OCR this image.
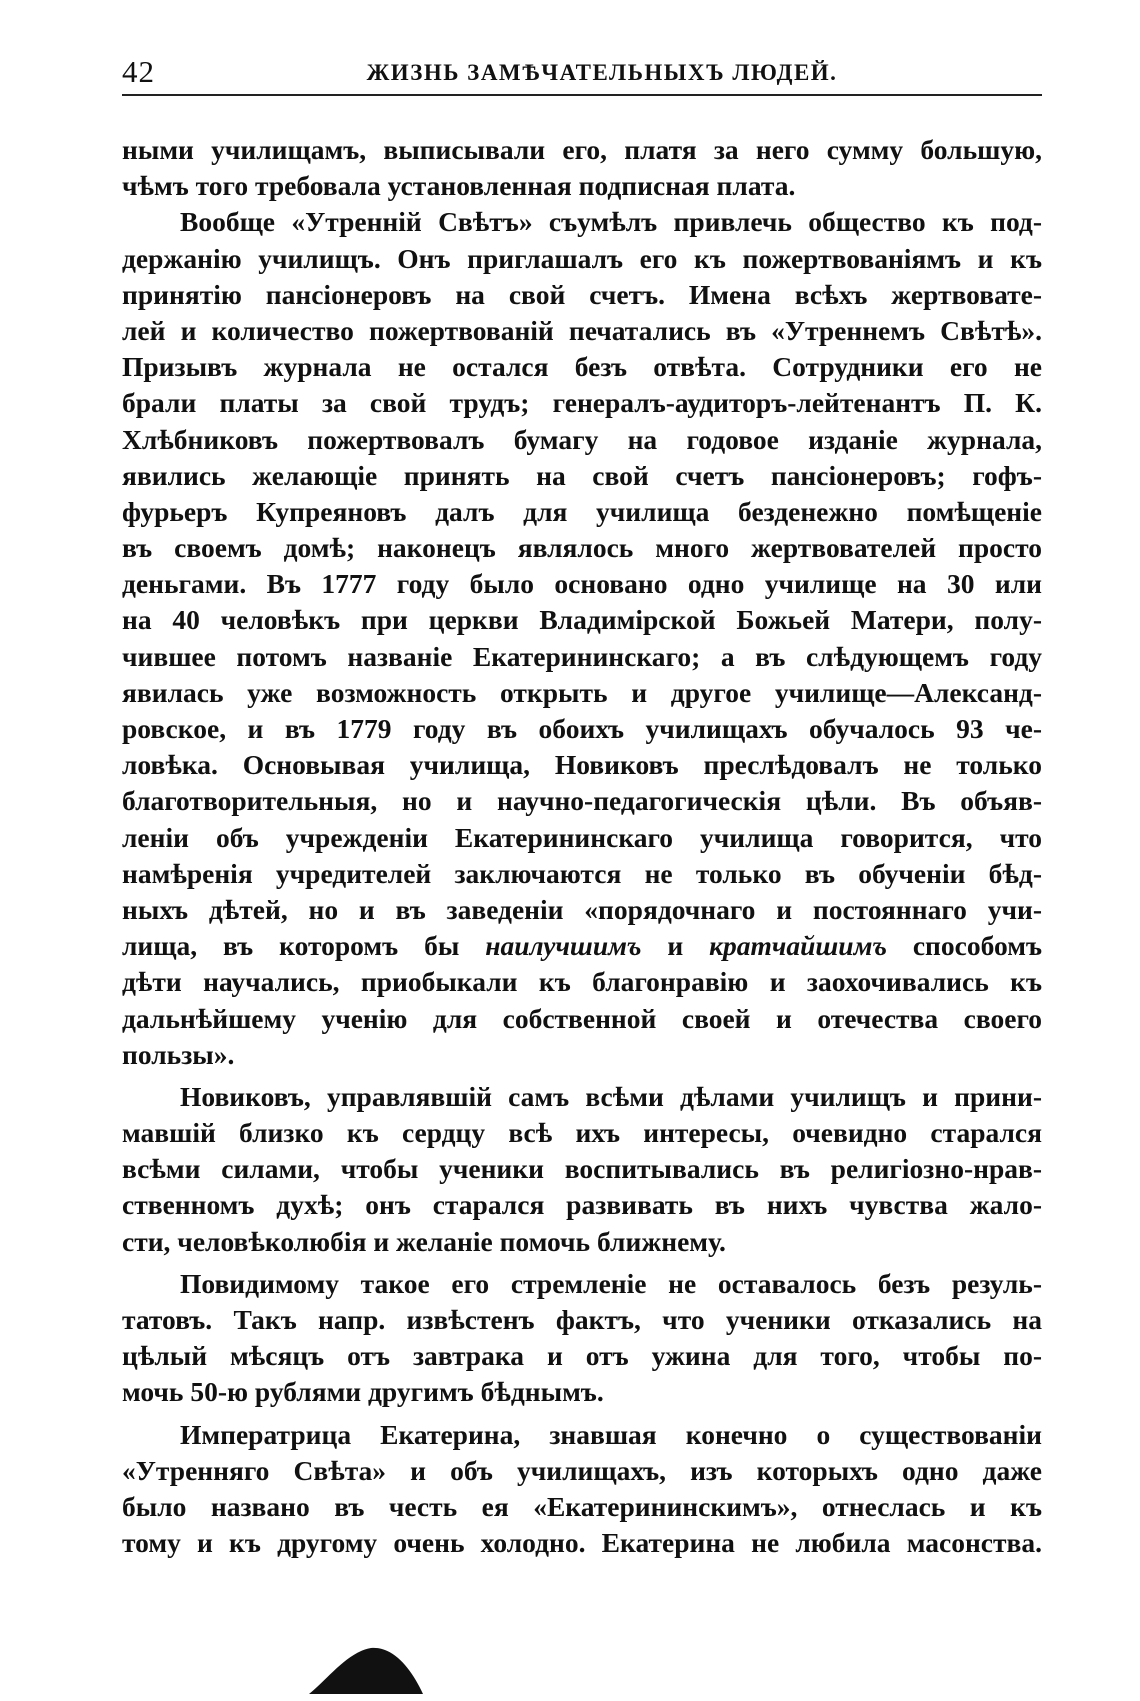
42	ЖИЗНЬ ЗАМѢЧАТЕЛЬНЫХЪ ЛЮДЕЙ.
ными училищамъ, выписывали его, платя за него сумму большую,
чѣмъ того требовала установленная подписная плата.
Вообще «Утренній Свѣтъ» съумѣлъ привлечь общество къ под-
держанію училищъ. Онъ приглашалъ его къ пожертвованіямъ и къ
принятію пансіонеровъ на свой счетъ. Имена всѣхъ жертвовате-
лей и количество пожертвованій печатались въ «Утреннемъ Свѣтѣ».
Призывъ журнала не остался безъ отвѣта. Сотрудники его не
брали платы за свой трудъ; генералъ-аудиторъ-лейтенантъ П. К.
Хлѣбниковъ пожертвовалъ бумагу на годовое изданіе журнала,
явились желающіе принять на свой счетъ пансіонеровъ; гофъ-
фурьеръ Купреяновъ далъ для училища безденежно помѣщеніе
въ своемъ домѣ; наконецъ являлось много жертвователей просто
деньгами. Въ 1777 году было основано одно училище на 30 или
на 40 человѣкъ при церкви Владимірской Божьей Матери, полу-
чившее потомъ названіе Екатерининскаго; а въ слѣдующемъ году
явилась уже возможность открыть и другое училище—Александ-
ровское, и въ 1779 году въ обоихъ училищахъ обучалось 93 че-
ловѣка. Основывая училища, Новиковъ преслѣдовалъ не только
благотворительныя, но и научно-педагогическія цѣли. Въ объяв-
леніи объ учрежденіи Екатерининскаго училища говорится, что
намѣренія учредителей заключаются не только въ обученіи бѣд-
ныхъ дѣтей, но и въ заведеніи «порядочнаго и постояннаго учи-
лища, въ которомъ бы наилучшимъ и кратчайшимъ способомъ
дѣти научались, приобыкали къ благонравію и заохочивались къ
дальнѣйшему ученію для собственной своей и отечества своего
пользы».
Новиковъ, управлявшій самъ всѣми дѣлами училищъ и прини-
мавшій близко къ сердцу всѣ ихъ интересы, очевидно старался
всѣми силами, чтобы ученики воспитывались въ религіозно-нрав-
ственномъ духѣ; онъ старался развивать въ нихъ чувства жало-
сти, человѣколюбія и желаніе помочь ближнему.
Повидимому такое его стремленіе не оставалось безъ резуль-
татовъ. Такъ напр. извѣстенъ фактъ, что ученики отказались на
цѣлый мѣсяцъ отъ завтрака и отъ ужина для того, чтобы по-
мочь 50-ю рублями другимъ бѣднымъ.
Императрица Екатерина, знавшая конечно о существованіи
«Утренняго Свѣта» и объ училищахъ, изъ которыхъ одно даже
было названо въ честь ея «Екатерининскимъ», отнеслась и къ
тому и къ другому очень холодно. Екатерина не любила масонства.
